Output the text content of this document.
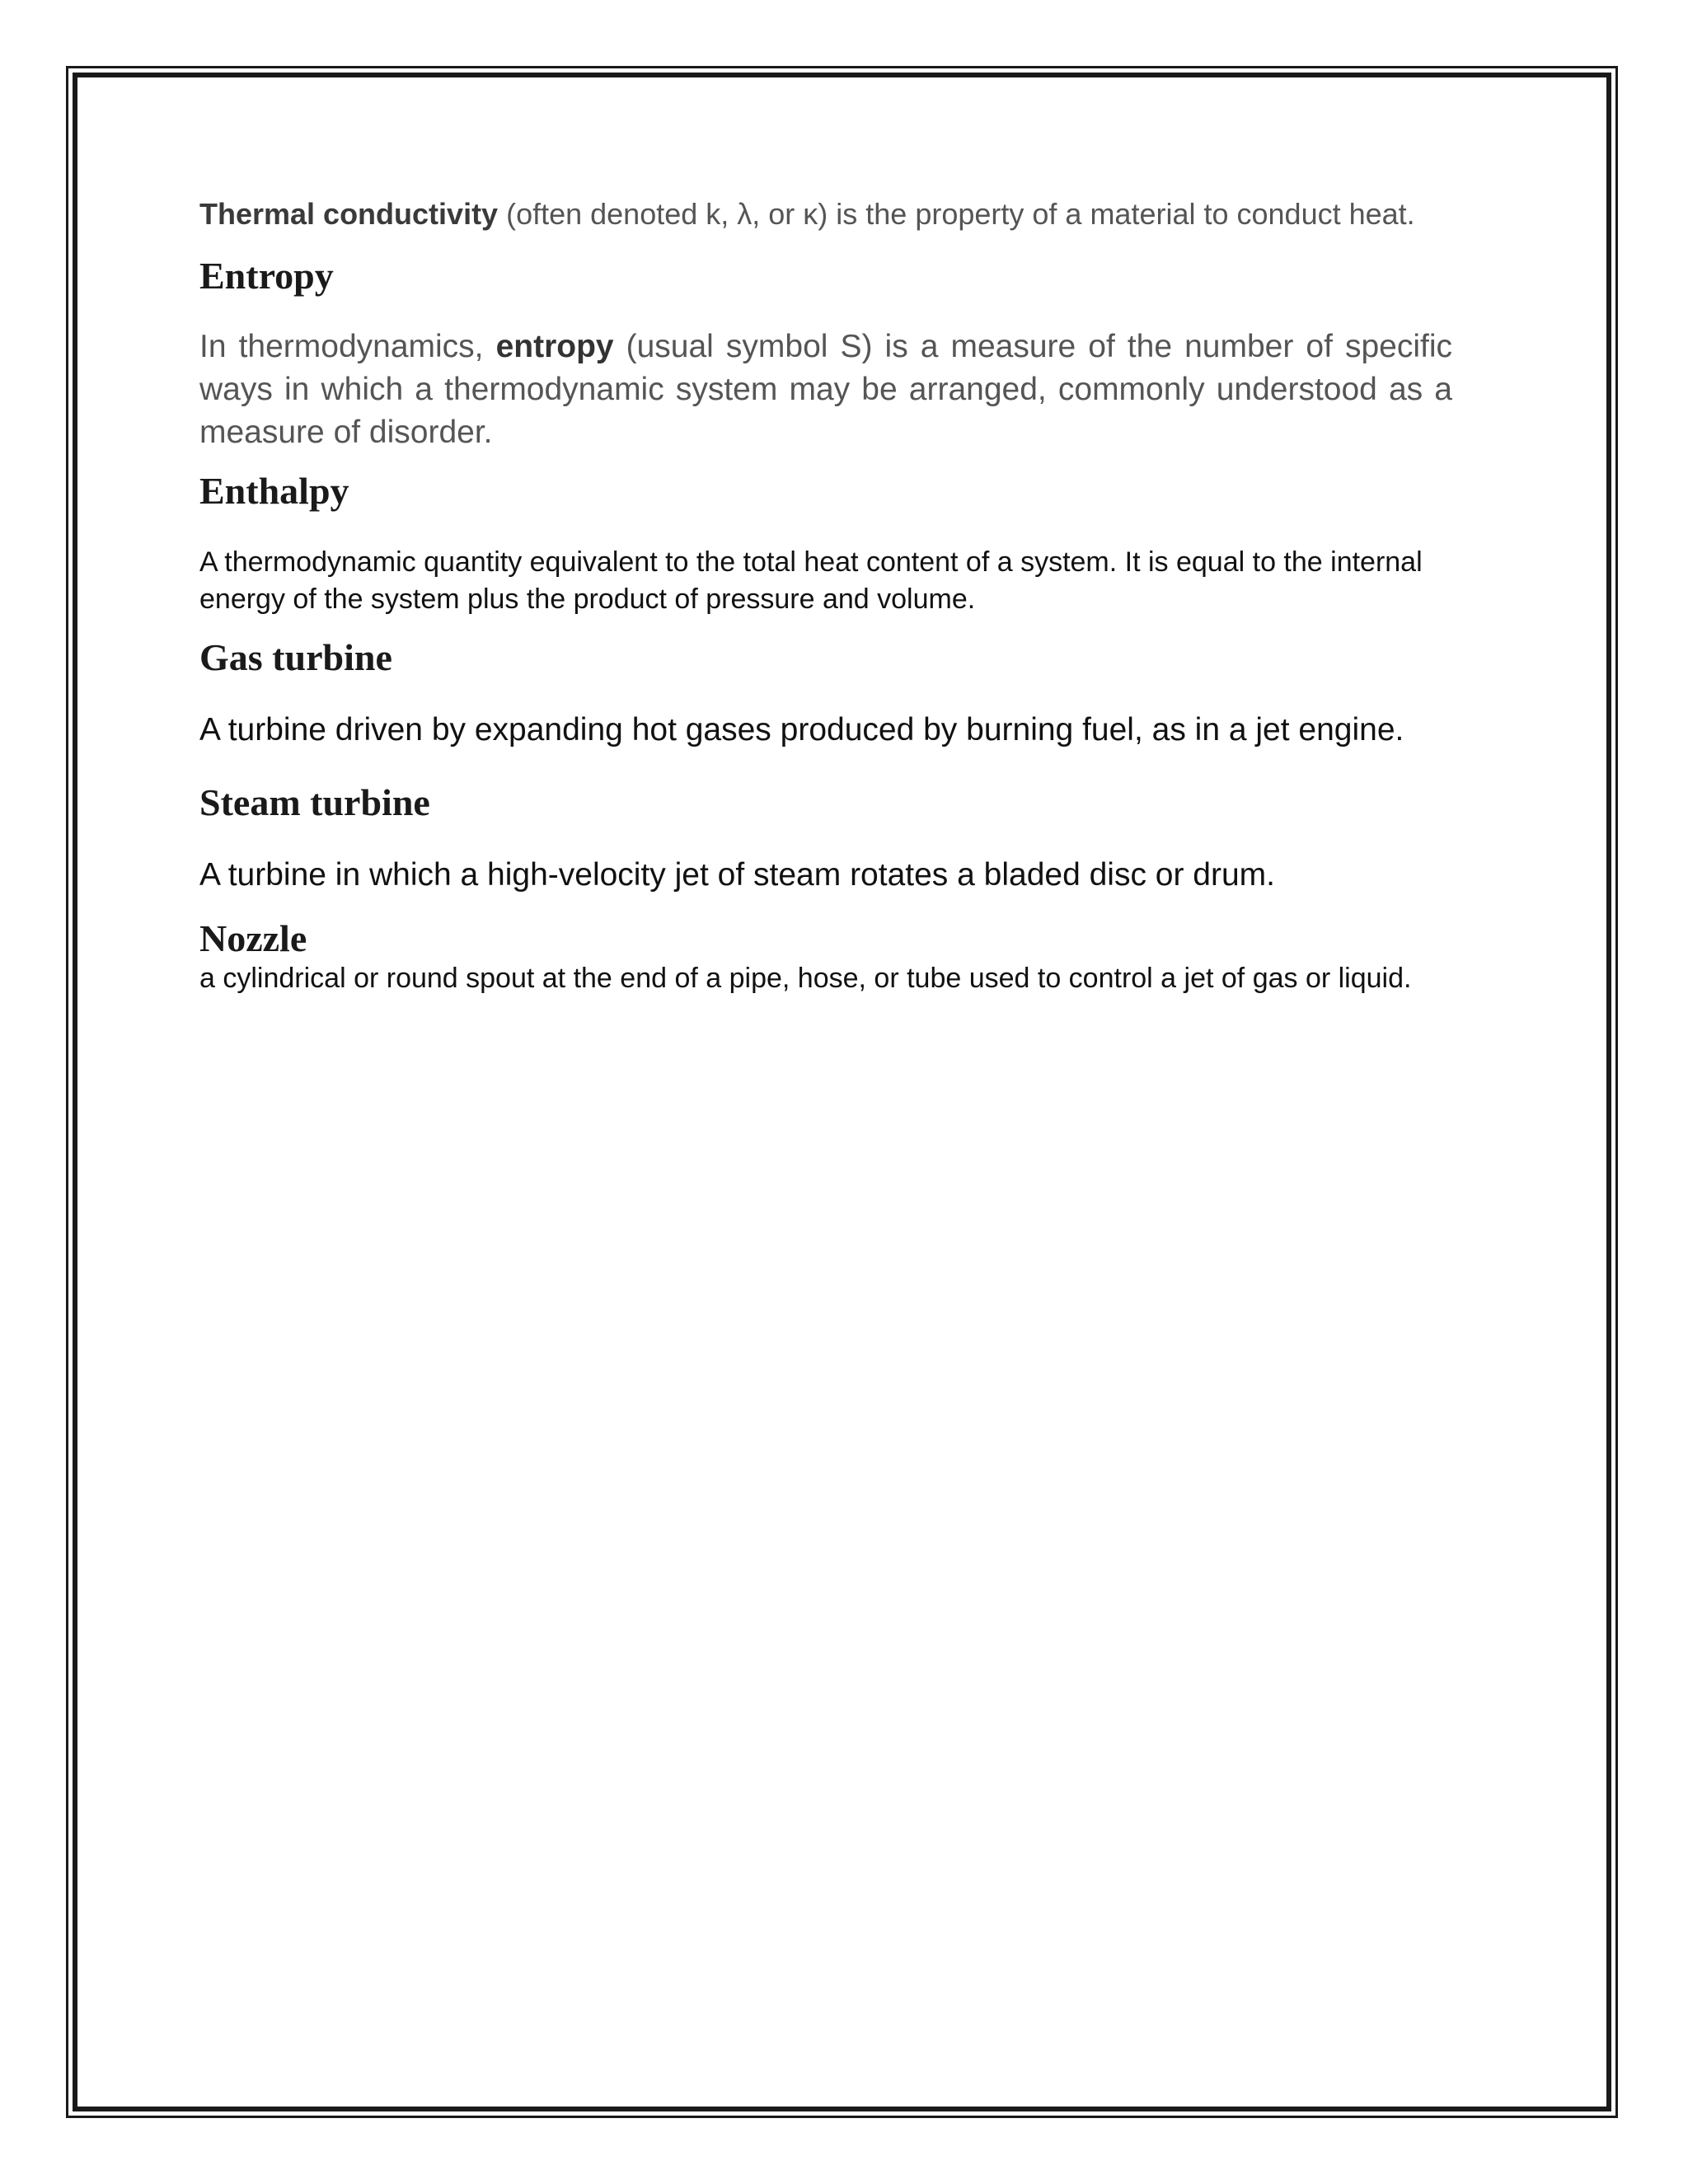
Thermal conductivity (often denoted k, λ, or κ) is the property of a material to conduct heat.
Entropy
In thermodynamics, entropy (usual symbol S) is a measure of the number of specific ways in which a thermodynamic system may be arranged, commonly understood as a measure of disorder.
Enthalpy
A thermodynamic quantity equivalent to the total heat content of a system. It is equal to the internal energy of the system plus the product of pressure and volume.
Gas turbine
A turbine driven by expanding hot gases produced by burning fuel, as in a jet engine.
Steam turbine
A turbine in which a high-velocity jet of steam rotates a bladed disc or drum.
Nozzle
a cylindrical or round spout at the end of a pipe, hose, or tube used to control a jet of gas or liquid.
